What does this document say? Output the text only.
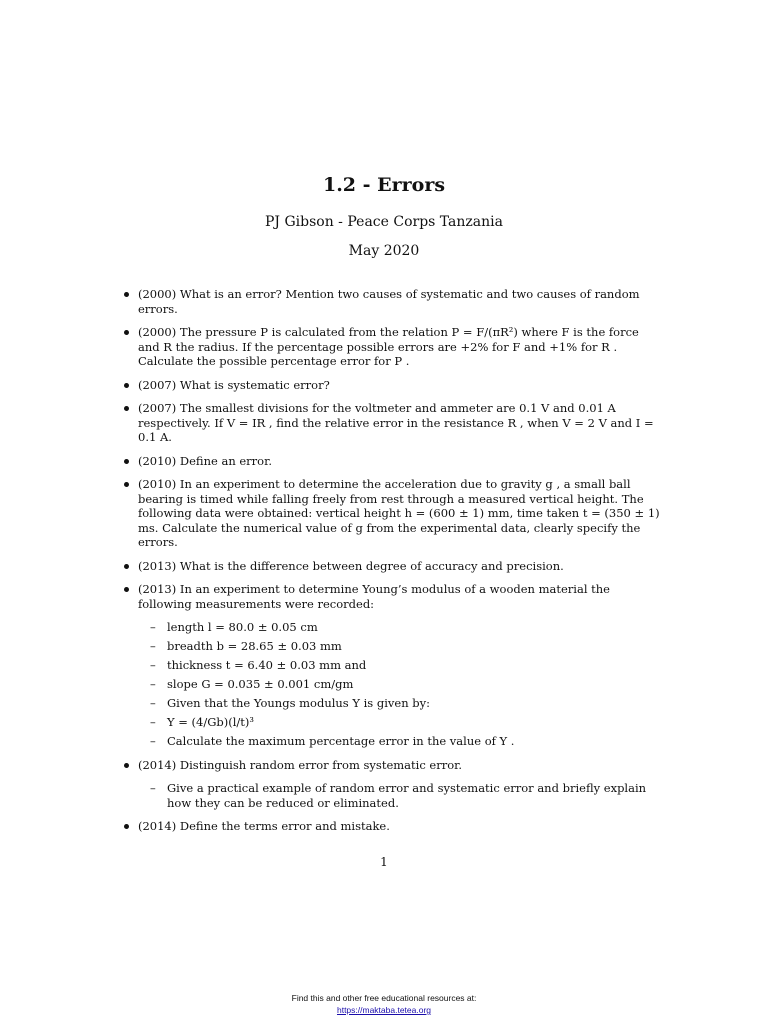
1.2 - Errors
PJ Gibson - Peace Corps Tanzania
May 2020
(2000) What is an error? Mention two causes of systematic and two causes of random errors.
(2000) The pressure P is calculated from the relation P = F/(πR²) where F is the force and R the radius. If the percentage possible errors are +2% for F and +1% for R . Calculate the possible percentage error for P .
(2007) What is systematic error?
(2007) The smallest divisions for the voltmeter and ammeter are 0.1 V and 0.01 A respectively. If V = IR , find the relative error in the resistance R , when V = 2 V and I = 0.1 A.
(2010) Define an error.
(2010) In an experiment to determine the acceleration due to gravity g , a small ball bearing is timed while falling freely from rest through a measured vertical height. The following data were obtained: vertical height h = (600 ± 1) mm, time taken t = (350 ± 1) ms. Calculate the numerical value of g from the experimental data, clearly specify the errors.
(2013) What is the difference between degree of accuracy and precision.
(2013) In an experiment to determine Young’s modulus of a wooden material the following measurements were recorded:
– length l = 80.0 ± 0.05 cm
– breadth b = 28.65 ± 0.03 mm
– thickness t = 6.40 ± 0.03 mm and
– slope G = 0.035 ± 0.001 cm/gm
– Given that the Youngs modulus Y is given by:
– Y = (4/Gb)(l/t)³
– Calculate the maximum percentage error in the value of Y .
(2014) Distinguish random error from systematic error.
– Give a practical example of random error and systematic error and briefly explain how they can be reduced or eliminated.
(2014) Define the terms error and mistake.
1
Find this and other free educational resources at:
https://maktaba.tetea.org
